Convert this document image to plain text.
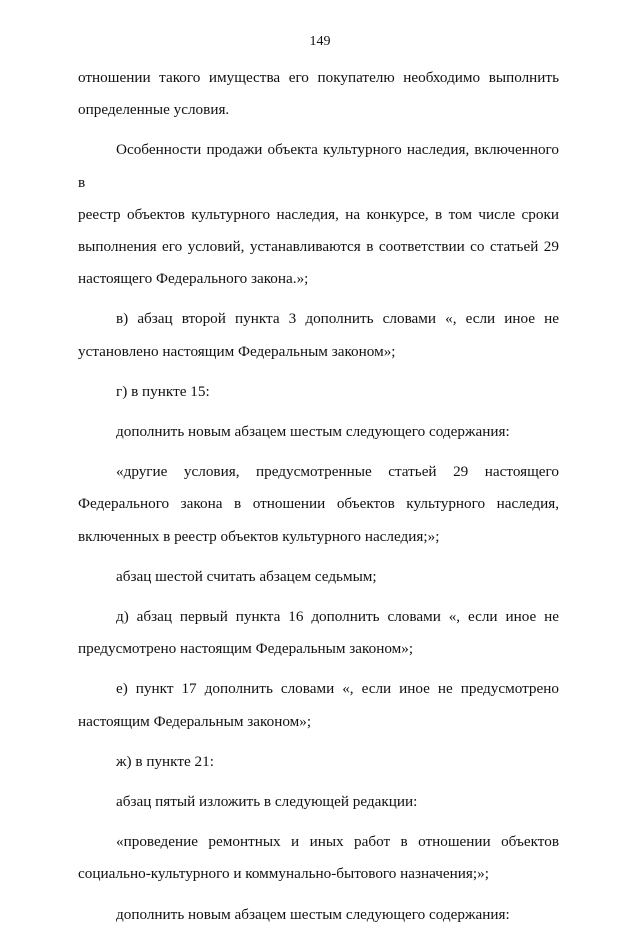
149
отношении такого имущества его покупателю необходимо выполнить
определенные условия.
Особенности продажи объекта культурного наследия, включенного в
реестр объектов культурного наследия, на конкурсе, в том числе сроки
выполнения его условий, устанавливаются в соответствии со статьей 29
настоящего Федерального закона.»;
в) абзац второй пункта 3 дополнить словами «, если иное не
установлено настоящим Федеральным законом»;
г) в пункте 15:
дополнить новым абзацем шестым следующего содержания:
«другие условия, предусмотренные статьей 29 настоящего
Федерального закона в отношении объектов культурного наследия,
включенных в реестр объектов культурного наследия;»;
абзац шестой считать абзацем седьмым;
д) абзац первый пункта 16 дополнить словами «, если иное не
предусмотрено настоящим Федеральным законом»;
е) пункт 17 дополнить словами «, если иное не предусмотрено
настоящим Федеральным законом»;
ж) в пункте 21:
абзац пятый изложить в следующей редакции:
«проведение ремонтных и иных работ в отношении объектов
социально-культурного и коммунально-бытового назначения;»;
дополнить новым абзацем шестым следующего содержания:
